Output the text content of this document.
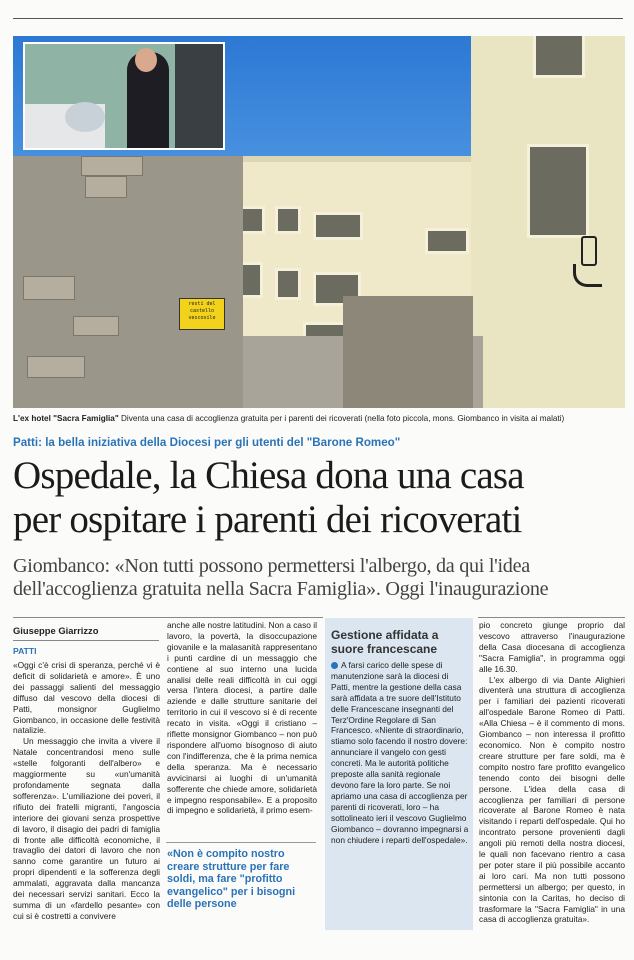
resti del castello vescovile
L'ex hotel "Sacra Famiglia" Diventa una casa di accoglienza gratuita per i parenti dei ricoverati (nella foto piccola, mons. Giombanco in visita ai malati)
Patti: la bella iniziativa della Diocesi per gli utenti del "Barone Romeo"
Ospedale, la Chiesa dona una casa
per ospitare i parenti dei ricoverati
Giombanco: «Non tutti possono permettersi l'albergo, da qui l'idea
dell'accoglienza gratuita nella Sacra Famiglia». Oggi l'inaugurazione
Giuseppe Giarrizzo
PATTI

«Oggi c'è crisi di speranza, perché vi è deficit di solidarietà e amore». È uno dei passaggi salienti del messaggio diffuso dal vescovo della diocesi di Patti, monsignor Guglielmo Giombanco, in occasione delle festività natalizie.

Un messaggio che invita a vivere il Natale concentrandosi meno sulle «stelle folgoranti dell'albero» e maggiormente su «un'umanità profondamente segnata dalla sofferenza». L'umiliazione dei poveri, il rifiuto dei fratelli migranti, l'angoscia interiore dei giovani senza prospettive di lavoro, il disagio dei padri di famiglia di fronte alle difficoltà economiche, il travaglio dei datori di lavoro che non sanno come garantire un futuro ai propri dipendenti e la sofferenza degli ammalati, aggravata dalla mancanza dei necessari servizi sanitari. Ecco la summa di un «fardello pesante» con cui si è costretti a convivere

anche alle nostre latitudini. Non a caso il lavoro, la povertà, la disoccupazione giovanile e la malasanità rappresentano i punti cardine di un messaggio che contiene al suo interno una lucida analisi delle reali difficoltà in cui oggi versa l'intera diocesi, a partire dalle aziende e dalle strutture sanitarie del territorio in cui il vescovo si è di recente recato in visita. «Oggi il cristiano – riflette monsignor Giombanco – non può rispondere all'uomo bisognoso di aiuto con l'indifferenza, che è la prima nemica della speranza. Ma è necessario avvicinarsi ai luoghi di un'umanità sofferente che chiede amore, solidarietà e impegno responsabile». E a proposito di impegno e solidarietà, il primo esem-

«Non è compito nostro creare strutture per fare soldi, ma fare "profitto evangelico" per i bisogni delle persone
Gestione affidata a suore francescane
A farsi carico delle spese di manutenzione sarà la diocesi di Patti, mentre la gestione della casa sarà affidata a tre suore dell'Istituto delle Francescane insegnanti del Terz'Ordine Regolare di San Francesco. «Niente di straordinario, stiamo solo facendo il nostro dovere: annunciare il vangelo con gesti concreti. Ma le autorità politiche preposte alla sanità regionale devono fare la loro parte. Se noi apriamo una casa di accoglienza per parenti di ricoverati, loro – ha sottolineato ieri il vescovo Guglielmo Giombanco – dovranno impegnarsi a non chiudere i reparti dell'ospedale».

pio concreto giunge proprio dal vescovo attraverso l'inaugurazione della Casa diocesana di accoglienza "Sacra Famiglia", in programma oggi alle 16.30.

L'ex albergo di via Dante Alighieri diventerà una struttura di accoglienza per i familiari dei pazienti ricoverati all'ospedale Barone Romeo di Patti. «Alla Chiesa – è il commento di mons. Giombanco – non interessa il profitto economico. Non è compito nostro creare strutture per fare soldi, ma è compito nostro fare profitto evangelico tenendo conto dei bisogni delle persone. L'idea della casa di accoglienza per familiari di persone ricoverate al Barone Romeo è nata visitando i reparti dell'ospedale. Qui ho incontrato persone provenienti dagli angoli più remoti della nostra diocesi, le quali non facevano rientro a casa per poter stare il più possibile accanto ai loro cari. Ma non tutti possono permettersi un albergo; per questo, in sintonia con la Caritas, ho deciso di trasformare la "Sacra Famiglia" in una casa di accoglienza gratuita».
